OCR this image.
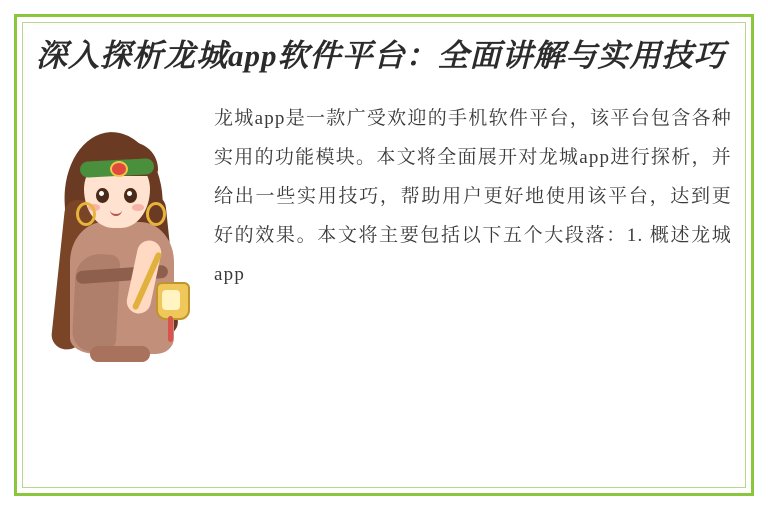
深入探析龙城app软件平台：全面讲解与实用技巧
龙城app是一款广受欢迎的手机软件平台，该平台包含各种实用的功能模块。本文将全面展开对龙城app进行探析，并给出一些实用技巧，帮助用户更好地使用该平台，达到更好的效果。本文将主要包括以下五个大段落：1. 概述龙城app
